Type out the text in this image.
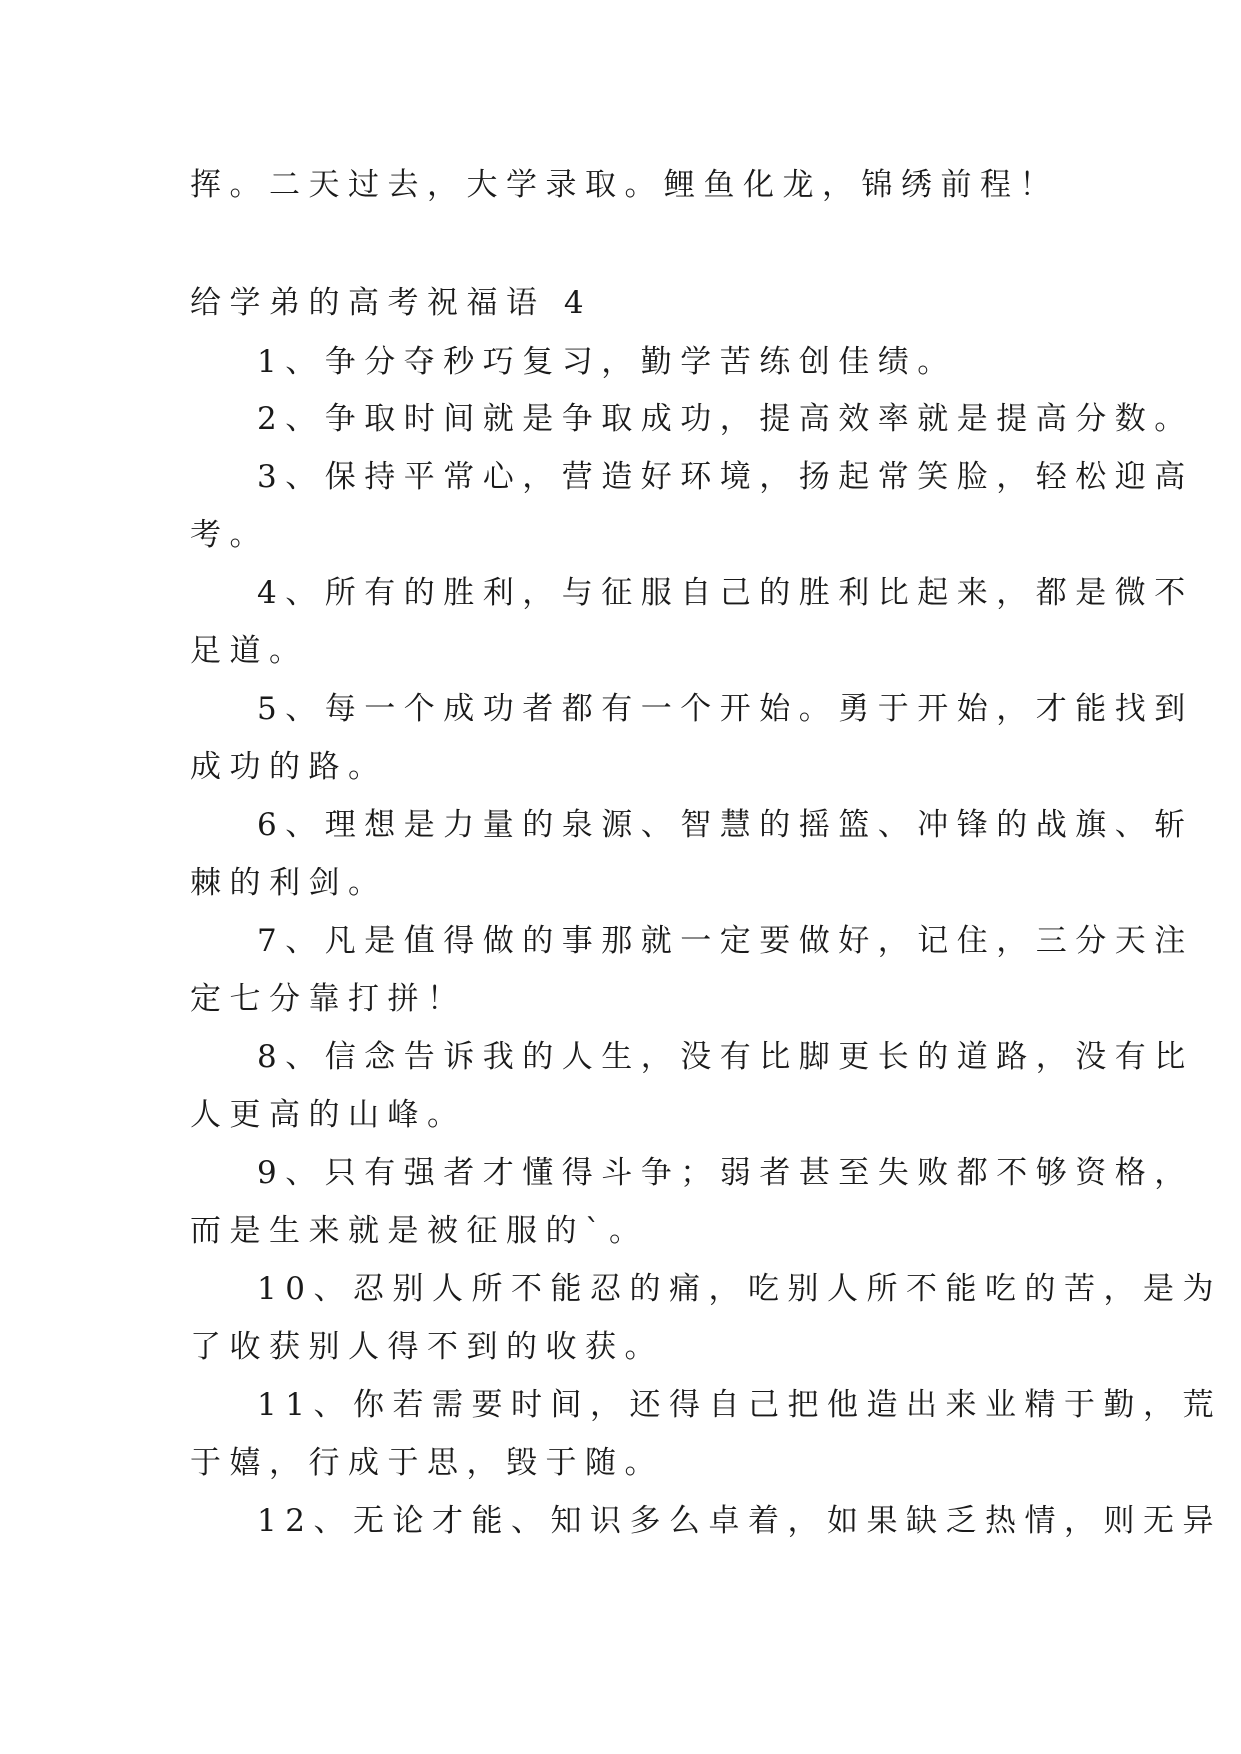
挥。二天过去，大学录取。鲤鱼化龙，锦绣前程！
给学弟的高考祝福语 4
1、争分夺秒巧复习，勤学苦练创佳绩。
2、争取时间就是争取成功，提高效率就是提高分数。
3、保持平常心，营造好环境，扬起常笑脸，轻松迎高
考。
4、所有的胜利，与征服自己的胜利比起来，都是微不
足道。
5、每一个成功者都有一个开始。勇于开始，才能找到
成功的路。
6、理想是力量的泉源、智慧的摇篮、冲锋的战旗、斩
棘的利剑。
7、凡是值得做的事那就一定要做好，记住，三分天注
定七分靠打拼！
8、信念告诉我的人生，没有比脚更长的道路，没有比
人更高的山峰。
9、只有强者才懂得斗争；弱者甚至失败都不够资格，
而是生来就是被征服的`。
10、忍别人所不能忍的痛，吃别人所不能吃的苦，是为
了收获别人得不到的收获。
11、你若需要时间，还得自己把他造出来业精于勤，荒
于嬉，行成于思，毁于随。
12、无论才能、知识多么卓着，如果缺乏热情，则无异
